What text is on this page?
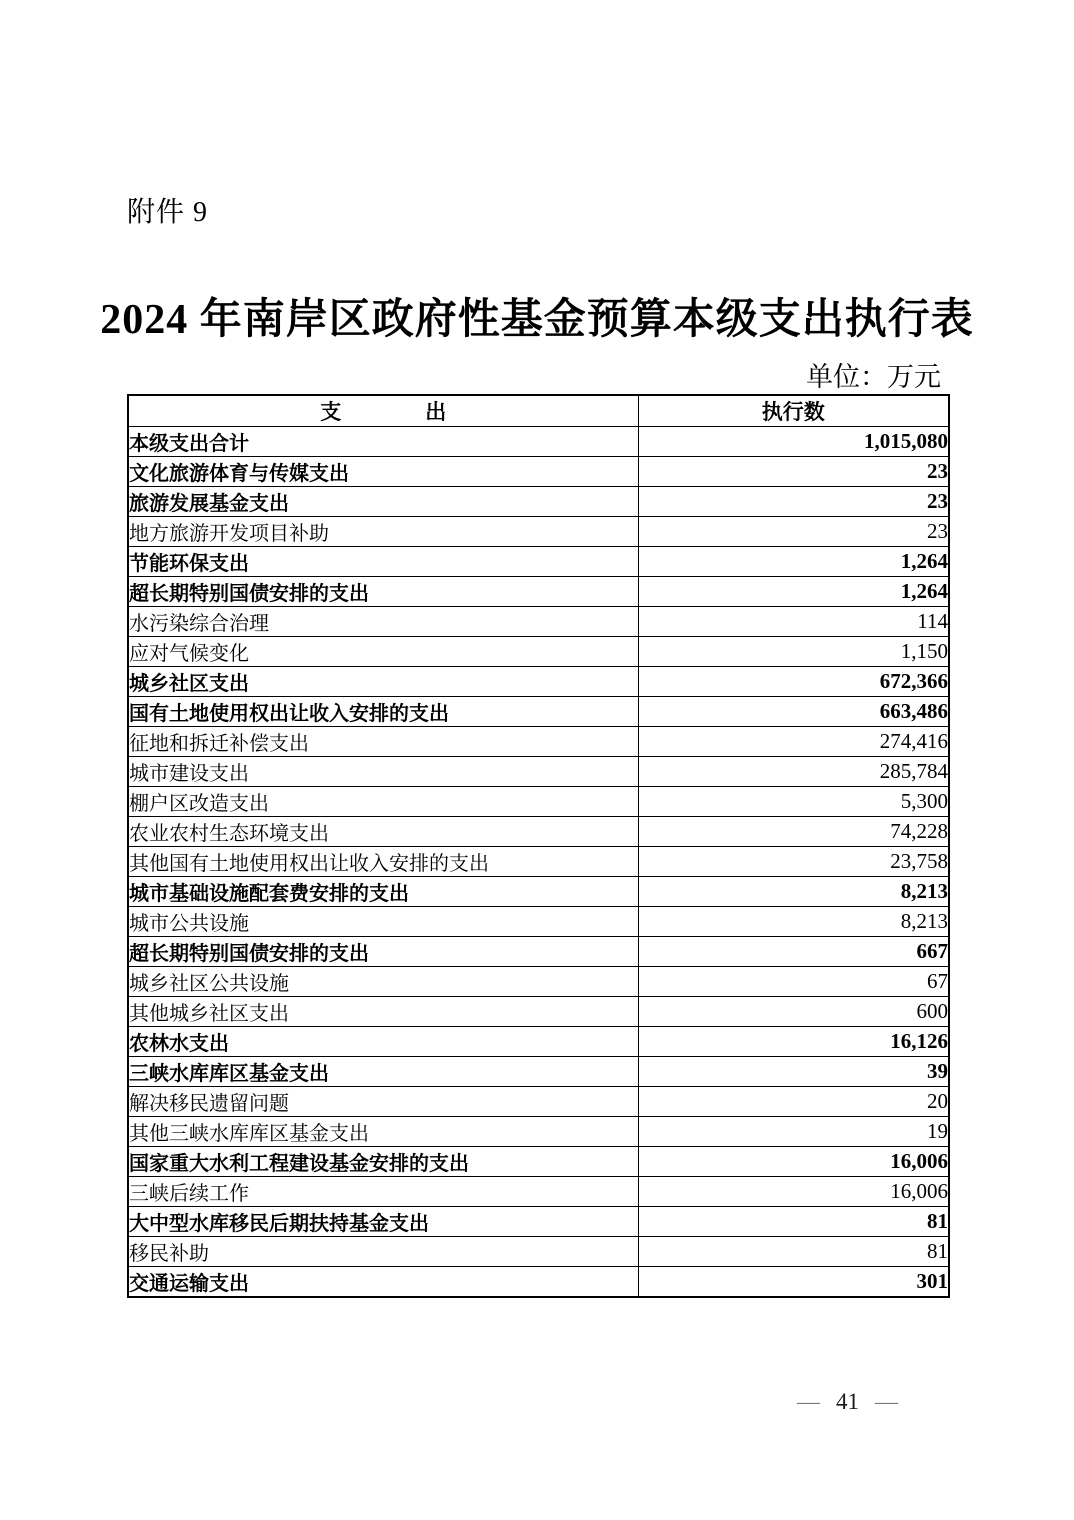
附件 9
2024 年南岸区政府性基金预算本级支出执行表
单位：万元
支　　　　出	执行数
本级支出合计	1,015,080
文化旅游体育与传媒支出	23
旅游发展基金支出	23
地方旅游开发项目补助	23
节能环保支出	1,264
超长期特别国债安排的支出	1,264
水污染综合治理	114
应对气候变化	1,150
城乡社区支出	672,366
国有土地使用权出让收入安排的支出	663,486
征地和拆迁补偿支出	274,416
城市建设支出	285,784
棚户区改造支出	5,300
农业农村生态环境支出	74,228
其他国有土地使用权出让收入安排的支出	23,758
城市基础设施配套费安排的支出	8,213
城市公共设施	8,213
超长期特别国债安排的支出	667
城乡社区公共设施	67
其他城乡社区支出	600
农林水支出	16,126
三峡水库库区基金支出	39
解决移民遗留问题	20
其他三峡水库库区基金支出	19
国家重大水利工程建设基金安排的支出	16,006
三峡后续工作	16,006
大中型水库移民后期扶持基金支出	81
移民补助	81
交通运输支出	301
— 41 —
